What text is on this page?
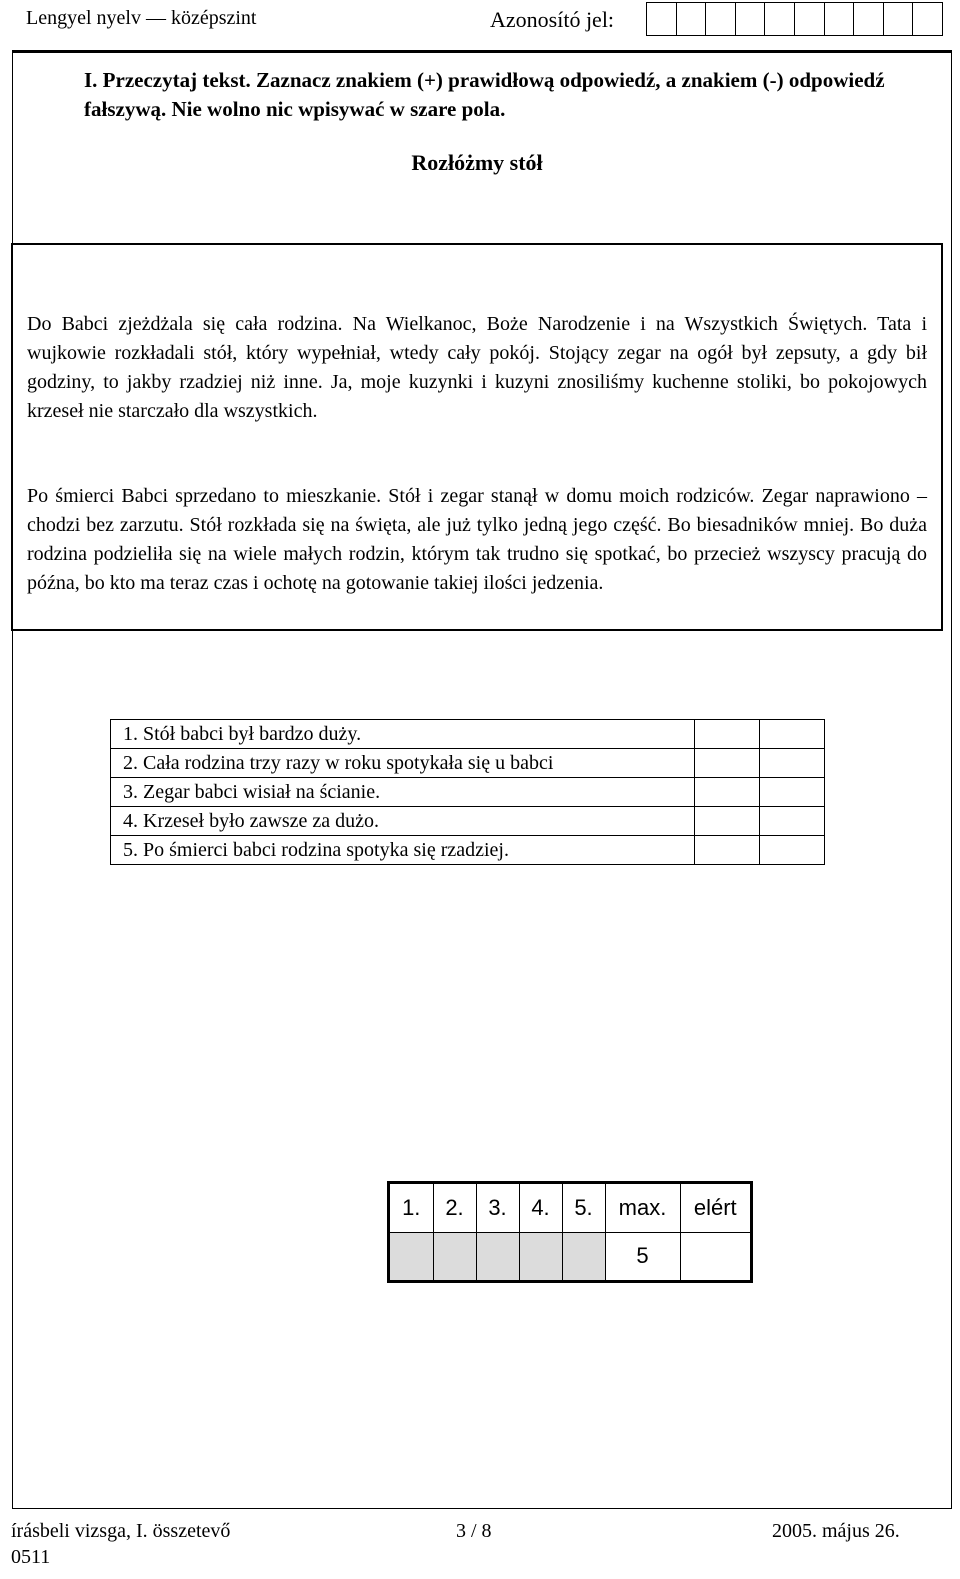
Lengyel nyelv — középszint	Azonosító jel:
I. Przeczytaj tekst. Zaznacz znakiem (+) prawidłową odpowiedź, a znakiem (-) odpowiedź fałszywą. Nie wolno nic wpisywać w szare pola.
Rozłóżmy stół
Do Babci zjeżdżala się cała rodzina. Na Wielkanoc, Boże Narodzenie i na Wszystkich Świętych. Tata i wujkowie rozkładali stół, który wypełniał, wtedy cały pokój. Stojący zegar na ogół był zepsuty, a gdy bił godziny, to jakby rzadziej niż inne. Ja, moje kuzynki i kuzyni znosiliśmy kuchenne stoliki, bo pokojowych krzeseł nie starczało dla wszystkich.
Po śmierci Babci sprzedano to mieszkanie. Stół i zegar stanął w domu moich rodziców. Zegar naprawiono – chodzi bez zarzutu. Stół rozkłada się na święta, ale już tylko jedną jego część. Bo biesadników mniej. Bo duża rodzina podzieliła się na wiele małych rodzin, którym tak trudno się spotkać, bo przecież wszyscy pracują do późna, bo kto ma teraz czas i ochotę na gotowanie takiej ilości jedzenia.
1. Stół babci był bardzo duży.		
2. Cała rodzina trzy razy w roku spotykała się u babci		
3. Zegar babci wisiał na ścianie.		
4. Krzeseł było zawsze za dużo.		
5. Po śmierci babci rodzina spotyka się rzadziej.		
1.	2.	3.	4.	5.	max.	elért
					5	
írásbeli vizsga, I. összetevő	3 / 8	2005. május 26.
0511
